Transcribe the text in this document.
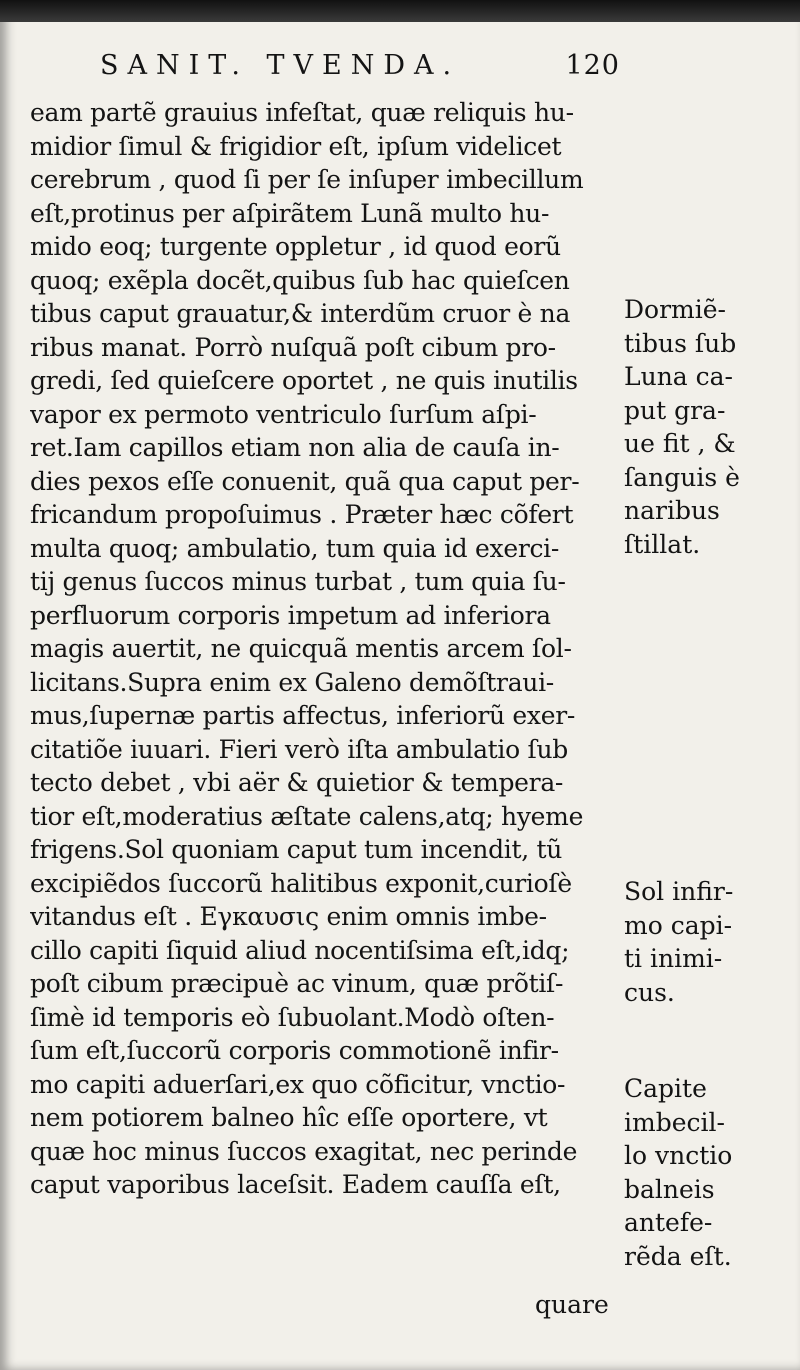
SANIT. TVENDA.	120
eam partẽ grauius infeſtat, quæ reliquis hu-
midior ſimul & frigidior eſt, ipſum videlicet
cerebrum , quod ſi per ſe inſuper imbecillum
eſt,protinus per aſpirãtem Lunã multo hu-
mido eoq; turgente oppletur , id quod eorũ
quoq; exẽpla docẽt,quibus ſub hac quieſcen
tibus caput grauatur,& interdũm cruor è na
ribus manat. Porrò nuſquã poſt cibum pro-
gredi, ſed quieſcere oportet , ne quis inutilis
vapor ex permoto ventriculo ſurſum aſpi-
ret.Iam capillos etiam non alia de cauſa in-
dies pexos eſſe conuenit, quã qua caput per-
fricandum propoſuimus . Præter hæc cõfert
multa quoq; ambulatio, tum quia id exerci-
tij genus ſuccos minus turbat , tum quia ſu-
perfluorum corporis impetum ad inferiora
magis auertit, ne quicquã mentis arcem ſol-
licitans.Supra enim ex Galeno demõſtraui-
mus,ſupernæ partis affectus, inferiorũ exer-
citatiõe iuuari. Fieri verò iſta ambulatio ſub
tecto debet , vbi aër & quietior & tempera-
tior eſt,moderatius æſtate calens,atq; hyeme
frigens.Sol quoniam caput tum incendit, tũ
excipiẽdos ſuccorũ halitibus exponit,curioſè
vitandus eſt . Εγκαυσις enim omnis imbe-
cillo capiti ſiquid aliud nocentiſsima eſt,idq;
poſt cibum præcipuè ac vinum, quæ prõtiſ-
ſimè id temporis eò ſubuolant.Modò oſten-
ſum eſt,ſuccorũ corporis commotionẽ infir-
mo capiti aduerſari,ex quo cõficitur, vnctio-
nem potiorem balneo hîc eſſe oportere, vt
quæ hoc minus ſuccos exagitat, nec perinde
caput vaporibus laceſsit. Eadem cauſſa eſt,
Dormiẽ-
tibus ſub
Luna ca-
put gra-
ue fit , &
ſanguis è
naribus
ſtillat.
Sol infir-
mo capi-
ti inimi-
cus.
Capite
imbecil-
lo vnctio
balneis
antefe-
rẽda eſt.
quare
